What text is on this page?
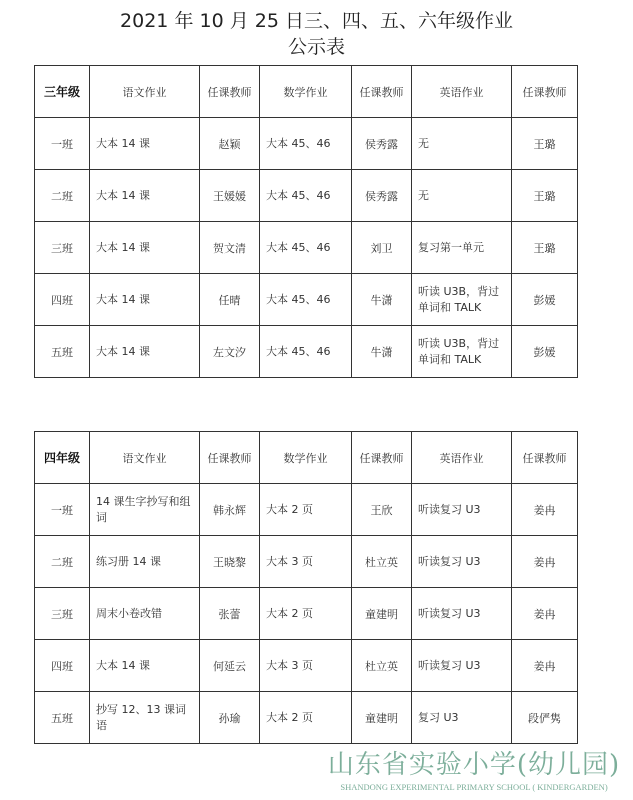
2021 年 10 月 25 日三、四、五、六年级作业
公示表
三年级	语文作业	任课教师	数学作业	任课教师	英语作业	任课教师
一班	大本 14 课	赵颖	大本 45、46	侯秀露	无	王璐
二班	大本 14 课	王媛媛	大本 45、46	侯秀露	无	王璐
三班	大本 14 课	贺文清	大本 45、46	刘卫	复习第一单元	王璐
四班	大本 14 课	任晴	大本 45、46	牛潇	听读 U3B，背过单词和 TALK	彭媛
五班	大本 14 课	左文汐	大本 45、46	牛潇	听读 U3B，背过单词和 TALK	彭媛
四年级	语文作业	任课教师	数学作业	任课教师	英语作业	任课教师
一班	14 课生字抄写和组词	韩永辉	大本 2 页	王欣	听读复习 U3	姜冉
二班	练习册 14 课	王晓黎	大本 3 页	杜立英	听读复习 U3	姜冉
三班	周末小卷改错	张蕾	大本 2 页	童建明	听读复习 U3	姜冉
四班	大本 14 课	何延云	大本 3 页	杜立英	听读复习 U3	姜冉
五班	抄写 12、13 课词语	孙瑜	大本 2 页	童建明	复习 U3	段俨隽
山东省实验小学(幼儿园)
SHANDONG EXPERIMENTAL PRIMARY SCHOOL ( KINDERGARDEN)
